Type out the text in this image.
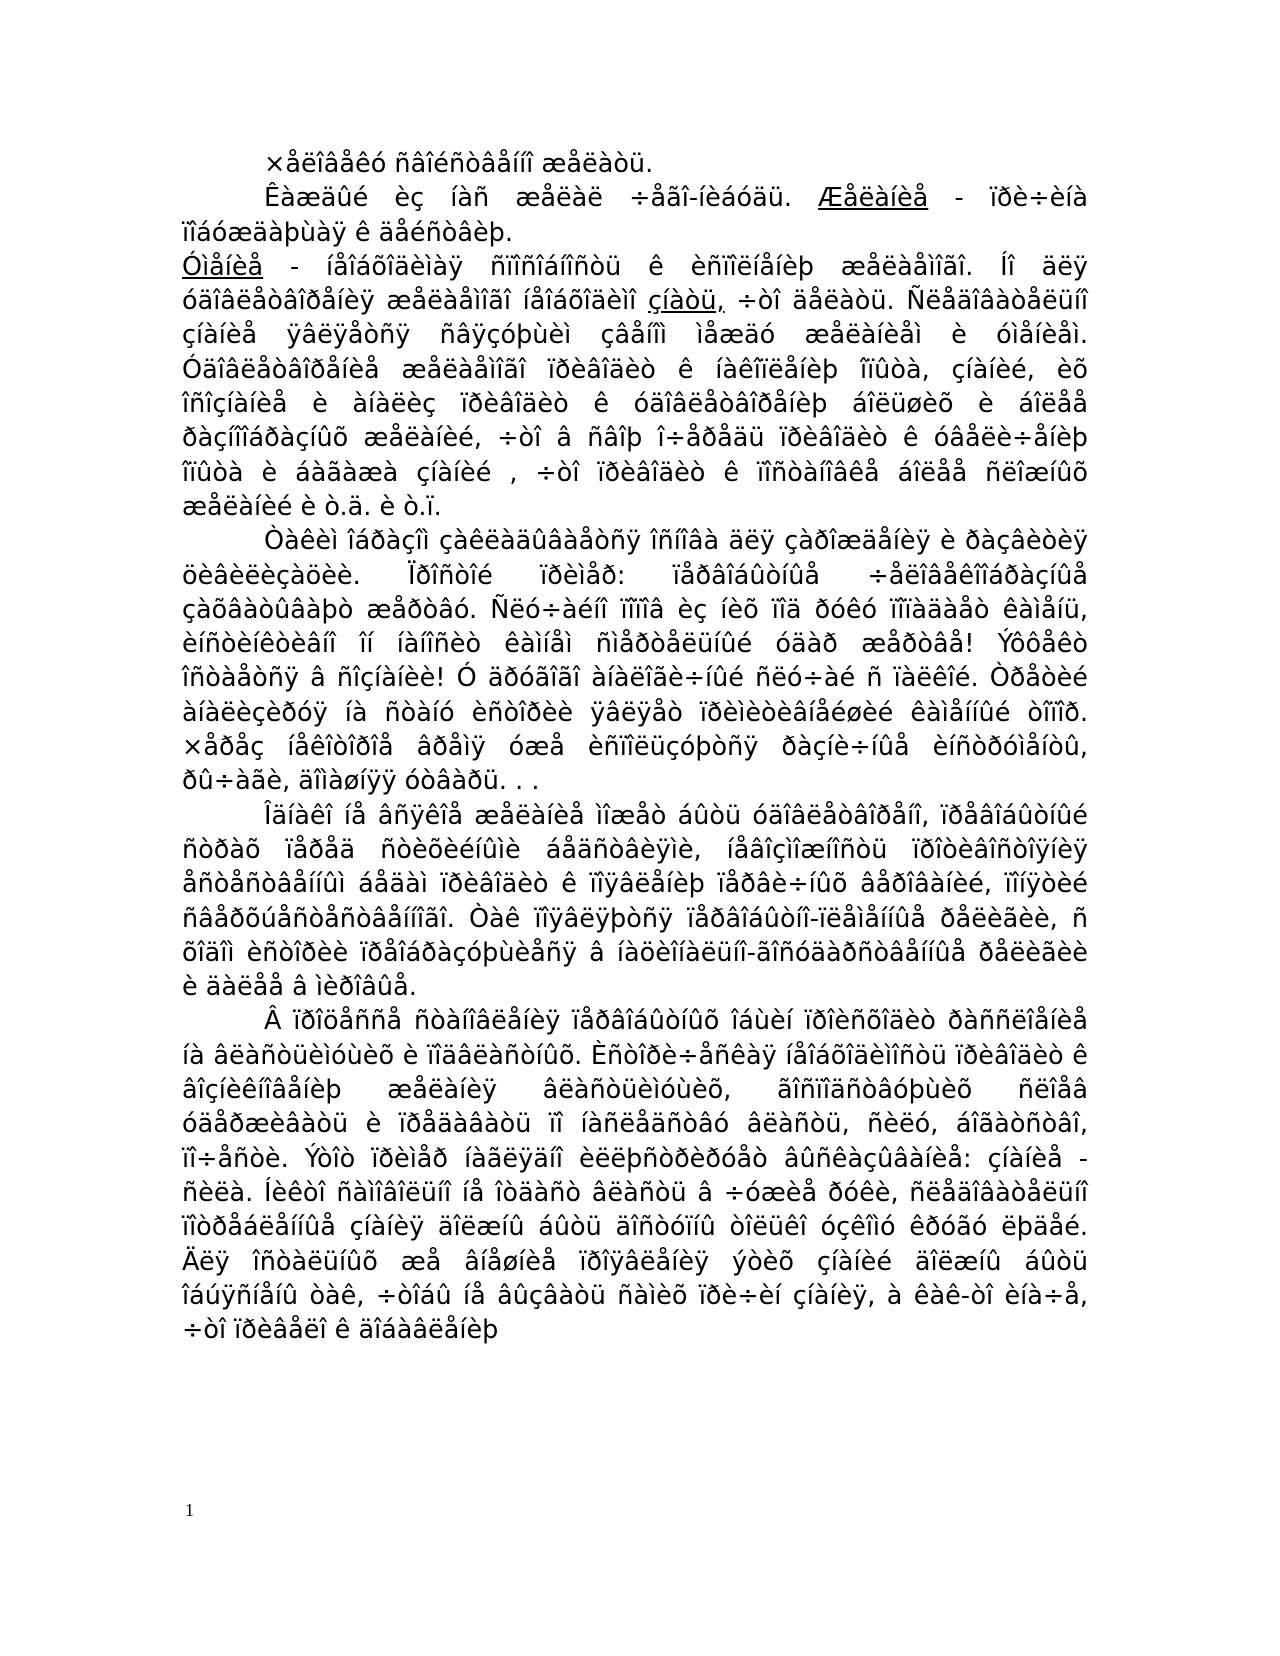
×åëîâåêó ñâîéñòâåííî æåëàòü.

Êàæäûé èç íàñ æåëàë ÷åãî-íèáóäü. Æåëàíèå - ïðè÷èíà ïîáóæäàþùàÿ ê äåéñòâèþ.

Óìåíèå - íåîáõîäèìàÿ ñïîñîáíîñòü ê èñïîëíåíèþ æåëàåìîãî. Íî äëÿ óäîâëåòâîðåíèÿ æåëàåìîãî íåîáõîäèìî çíàòü, ÷òî äåëàòü. Ñëåäîâàòåëüíî çíàíèå ÿâëÿåòñÿ ñâÿçóþùèì çâåíîì ìåæäó æåëàíèåì è óìåíèåì. Óäîâëåòâîðåíèå æåëàåìîãî ïðèâîäèò ê íàêîïëåíèþ îïûòà, çíàíèé, èõ îñîçíàíèå è àíàëèç ïðèâîäèò ê óäîâëåòâîðåíèþ áîëüøèõ è áîëåå ðàçíîîáðàçíûõ æåëàíèé, ÷òî â ñâîþ î÷åðåäü ïðèâîäèò ê óâåëè÷åíèþ îïûòà è áàãàæà çíàíèé , ÷òî ïðèâîäèò ê ïîñòàíîâêå áîëåå ñëîæíûõ æåëàíèé è ò.ä. è ò.ï.

Òàêèì îáðàçîì çàêëàäûâàåòñÿ îñíîâà äëÿ çàðîæäåíèÿ è ðàçâèòèÿ öèâèëèçàöèè. Ïðîñòîé ïðèìåð: ïåðâîáûòíûå ÷åëîâåêîîáðàçíûå çàõâàòûâàþò æåðòâó. Ñëó÷àéíî ïîïîâ èç íèõ ïîä ðóêó ïîïàäàåò êàìåíü, èíñòèíêòèâíî îí íàíîñèò êàìíåì ñìåðòåëüíûé óäàð æåðòâå! Ýôôåêò îñòàåòñÿ â ñîçíàíèè! Ó äðóãîãî àíàëîãè÷íûé ñëó÷àé ñ ïàëêîé. Òðåòèé àíàëèçèðóÿ íà ñòàíó èñòîðèè ÿâëÿåò ïðèìèòèâíåéøèé êàìåííûé òîïîð. ×åðåç íåêîòîðîå âðåìÿ óæå èñïîëüçóþòñÿ ðàçíè÷íûå èíñòðóìåíòû, ðû÷àãè, äîìàøíÿÿ óòâàðü. . .

Îäíàêî íå âñÿêîå æåëàíèå ìîæåò áûòü óäîâëåòâîðåíî, ïðåâîáûòíûé ñòðàõ ïåðåä ñòèõèéíûìè áåäñòâèÿìè, íåâîçìîæíîñòü ïðîòèâîñòîÿíèÿ åñòåñòâåííûì áåäàì ïðèâîäèò ê ïîÿâëåíèþ ïåðâè÷íûõ âåðîâàíèé, ïîíÿòèé ñâåðõúåñòåñòâåííîãî. Òàê ïîÿâëÿþòñÿ ïåðâîáûòíî-ïëåìåííûå ðåëèãèè, ñ õîäîì èñòîðèè ïðåîáðàçóþùèåñÿ â íàöèîíàëüíî-ãîñóäàðñòâåííûå ðåëèãèè è äàëåå â ìèðîâûå.

Â ïðîöåññå ñòàíîâëåíèÿ ïåðâîáûòíûõ îáùèí ïðîèñõîäèò ðàññëîåíèå íà âëàñòüèìóùèõ è ïîäâëàñòíûõ. Èñòîðè÷åñêàÿ íåîáõîäèìîñòü ïðèâîäèò ê âîçíèêíîâåíèþ æåëàíèÿ âëàñòüèìóùèõ, ãîñïîäñòâóþùèõ ñëîåâ óäåðæèâàòü è ïðåäàâàòü ïî íàñëåäñòâó âëàñòü, ñèëó, áîãàòñòâî, ïî÷åñòè. Ýòîò ïðèìåð íàãëÿäíî èëëþñòðèðóåò âûñêàçûâàíèå: çíàíèå - ñèëà. Íèêòî ñàìîâîëüíî íå îòäàñò âëàñòü â ÷óæèå ðóêè, ñëåäîâàòåëüíî ïîòðåáëåííûå çíàíèÿ äîëæíû áûòü äîñòóïíû òîëüêî óçêîìó êðóãó ëþäåé. Äëÿ îñòàëüíûõ æå âíåøíèå ïðîÿâëåíèÿ ýòèõ çíàíèé äîëæíû áûòü îáúÿñíåíû òàê, ÷òîáû íå âûçâàòü ñàìèõ ïðè÷èí çíàíèÿ, à êàê-òî èíà÷å, ÷òî ïðèâåëî ê äîáàâëåíèþ

1
